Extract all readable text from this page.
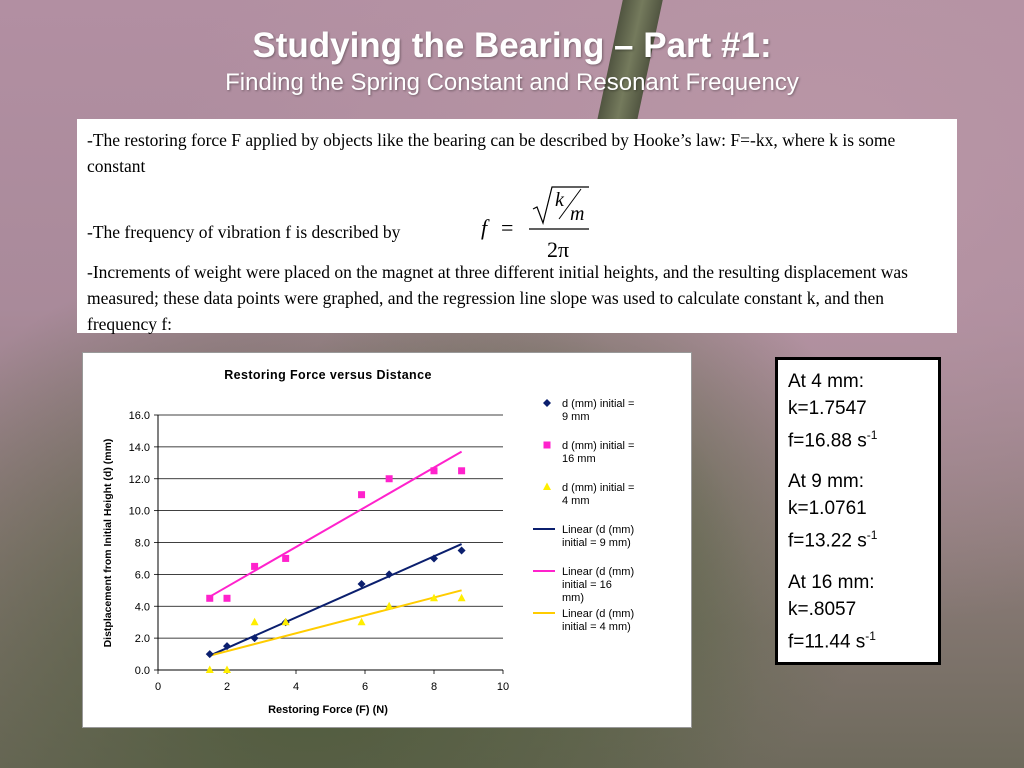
Studying the Bearing – Part #1:
Finding the Spring Constant and Resonant Frequency

-The restoring force F applied by objects like the bearing can be described by Hooke’s law: F=-kx, where k is some constant

-The frequency of vibration f is described by	f =
k
m
2π

-Increments of weight were placed on the magnet at three different initial heights, and the resulting displacement was measured; these data points were graphed, and the regression line slope was used to calculate constant k, and then frequency f:

Restoring Force versus Distance
Restoring Force (F) (N)
Distplacement from Initial Height (d) (mm)
0.0
2.0
4.0
6.0
8.0
10.0
12.0
14.0
16.0
0	2	4	6	8	10
d (mm) initial =
9 mm
d (mm) initial =
16 mm
d (mm) initial =
4 mm
Linear (d (mm)
initial = 9 mm)
Linear (d (mm)
initial = 16
mm)
Linear (d (mm)
initial = 4 mm)
At 4 mm:
k=1.7547
f=16.88 $s^{-1}$
At 9 mm:
k=1.0761
f=13.22 $s^{-1}$
At 16 mm:
k=.8057
f=11.44 $s^{-1}$
